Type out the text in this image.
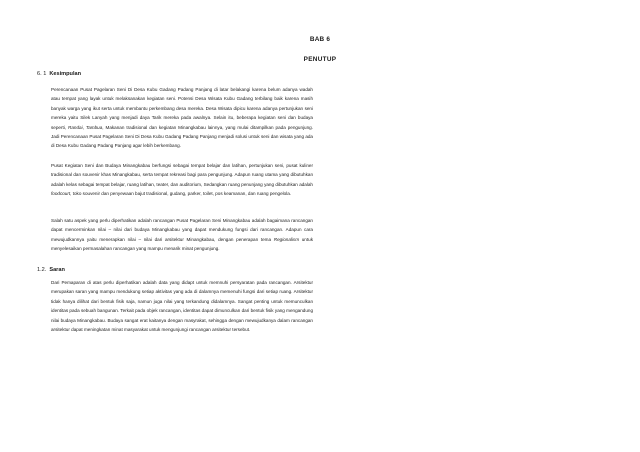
BAB 6
PENUTUP
6. 1 Kesimpulan

Perencanaan Pusat Pagelaran Seni Di Desa Kubu Gadang Padang Panjang di latar belakangi karena belum adanya wadah atau tempat yang layak untuk melaksanakan kegiatan seni. Potensi Desa Wisata Kubu Gadang terbilang baik karena masih banyak warga yang ikut serta untuk membantu perkembang desa mereka. Desa Wisata dipicu karena adanya pertunjukan seni mereka yaitu Silek Lanyah yang menjadi daya Tarik mereka pada awalnya. Selain itu, beberapa kegiatan seni dan budaya seperti, Randai, Tambua, Makanan tradisional dan kegiatan Minangkabau lainnya, yang mulai ditampilkan pada pengunjung. Jadi Perencanaan Pusat Pagelaran Seni Di Desa Kubu Gadang Padang Panjang menjadi solusi untuk seni dan wisata yang ada di Desa Kubu Gadang Padang Panjang agar lebih berkembang.

Pusat Kegiatan Seni dan Budaya Minangkabau berfungsi sebagai tempat belajar dan latihan, pertunjukan seni, pusat kuliner tradisional dan souvenir khas Minangkabau, serta tempat rekreasi bagi para pengunjung. Adapun ruang utama yang dibutuhkan adalah kelas sebagai tempat belajar, ruang latihan, teater, dan auditorium, Sedangkan ruang penunjang yang dibutuhkan adalah foodcourt, toko souvenir dan penyewaan bajut tradisional, gudang, parker, toilet, pos keamanan, dan ruang pengelola.

Salah satu aspek yang perlu diperhatikan adalah rancangan Pusat Pagelaran Seni Minangkabau adalah bagaimana rancangan dapat mencerminkan nilai – nilai dari budaya Minangkabau yang dapat mendukung fungsi dari rancangan. Adapun cara mewujudkannya yaitu menerapkan nilai – nilai dari arsitektur Minangkabau, dengan penerapan tema Regionalism untuk menyelesaikan permasalahan rancangan yang mampu menarik minat pengunjung.

1.2. Saran

Dari Pemaparan di atas perlu diperhatikan adalah data yang didapt untuk memnuhi persyaratan pada rancangan. Arsitektur merupakan saran yang mampu mendukung setiap aktivitas yang ada di dalamnya memenuhi fungsi dari setiap ruang. Arsitektur tidak hanya dilihat dari bentuk fisik saja, namun juga nilai yang terkandung didalamnya. Sangat penting untuk memunculkan identitas pada sebuah bangunan. Terkait pada objek rancangan, identitas dapat dimunculkan dari bentuk fisik yang mengandung nilai budaya Minangkabau. Budaya sangat erat kaitanya dengan masyrakat, sehingga dengan mewujudkanya dalam rancangan arsitektur dapat meningkatan minat masyarakat untuk mengunjungi rancangan arsitektur tersebut.
